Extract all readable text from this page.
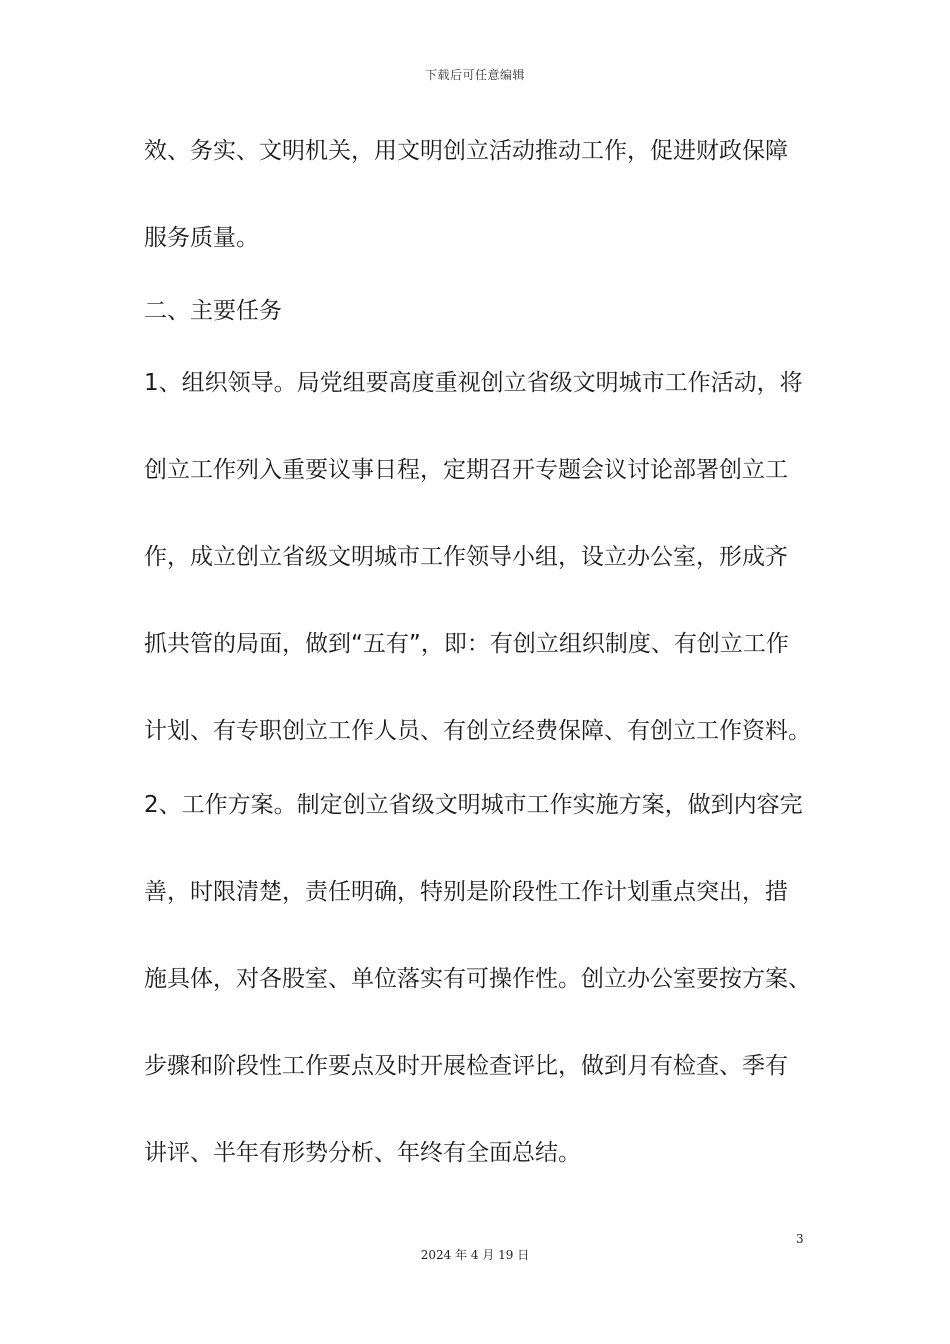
下载后可任意编辑
效、务实、文明机关，用文明创立活动推动工作，促进财政保障
服务质量。
二、主要任务
1、组织领导。局党组要高度重视创立省级文明城市工作活动，将
创立工作列入重要议事日程，定期召开专题会议讨论部署创立工
作，成立创立省级文明城市工作领导小组，设立办公室，形成齐
抓共管的局面，做到“五有”，即：有创立组织制度、有创立工作
计划、有专职创立工作人员、有创立经费保障、有创立工作资料。
2、工作方案。制定创立省级文明城市工作实施方案，做到内容完
善，时限清楚，责任明确，特别是阶段性工作计划重点突出，措
施具体，对各股室、单位落实有可操作性。创立办公室要按方案、
步骤和阶段性工作要点及时开展检查评比，做到月有检查、季有
讲评、半年有形势分析、年终有全面总结。
3
2024 年 4 月 19 日
